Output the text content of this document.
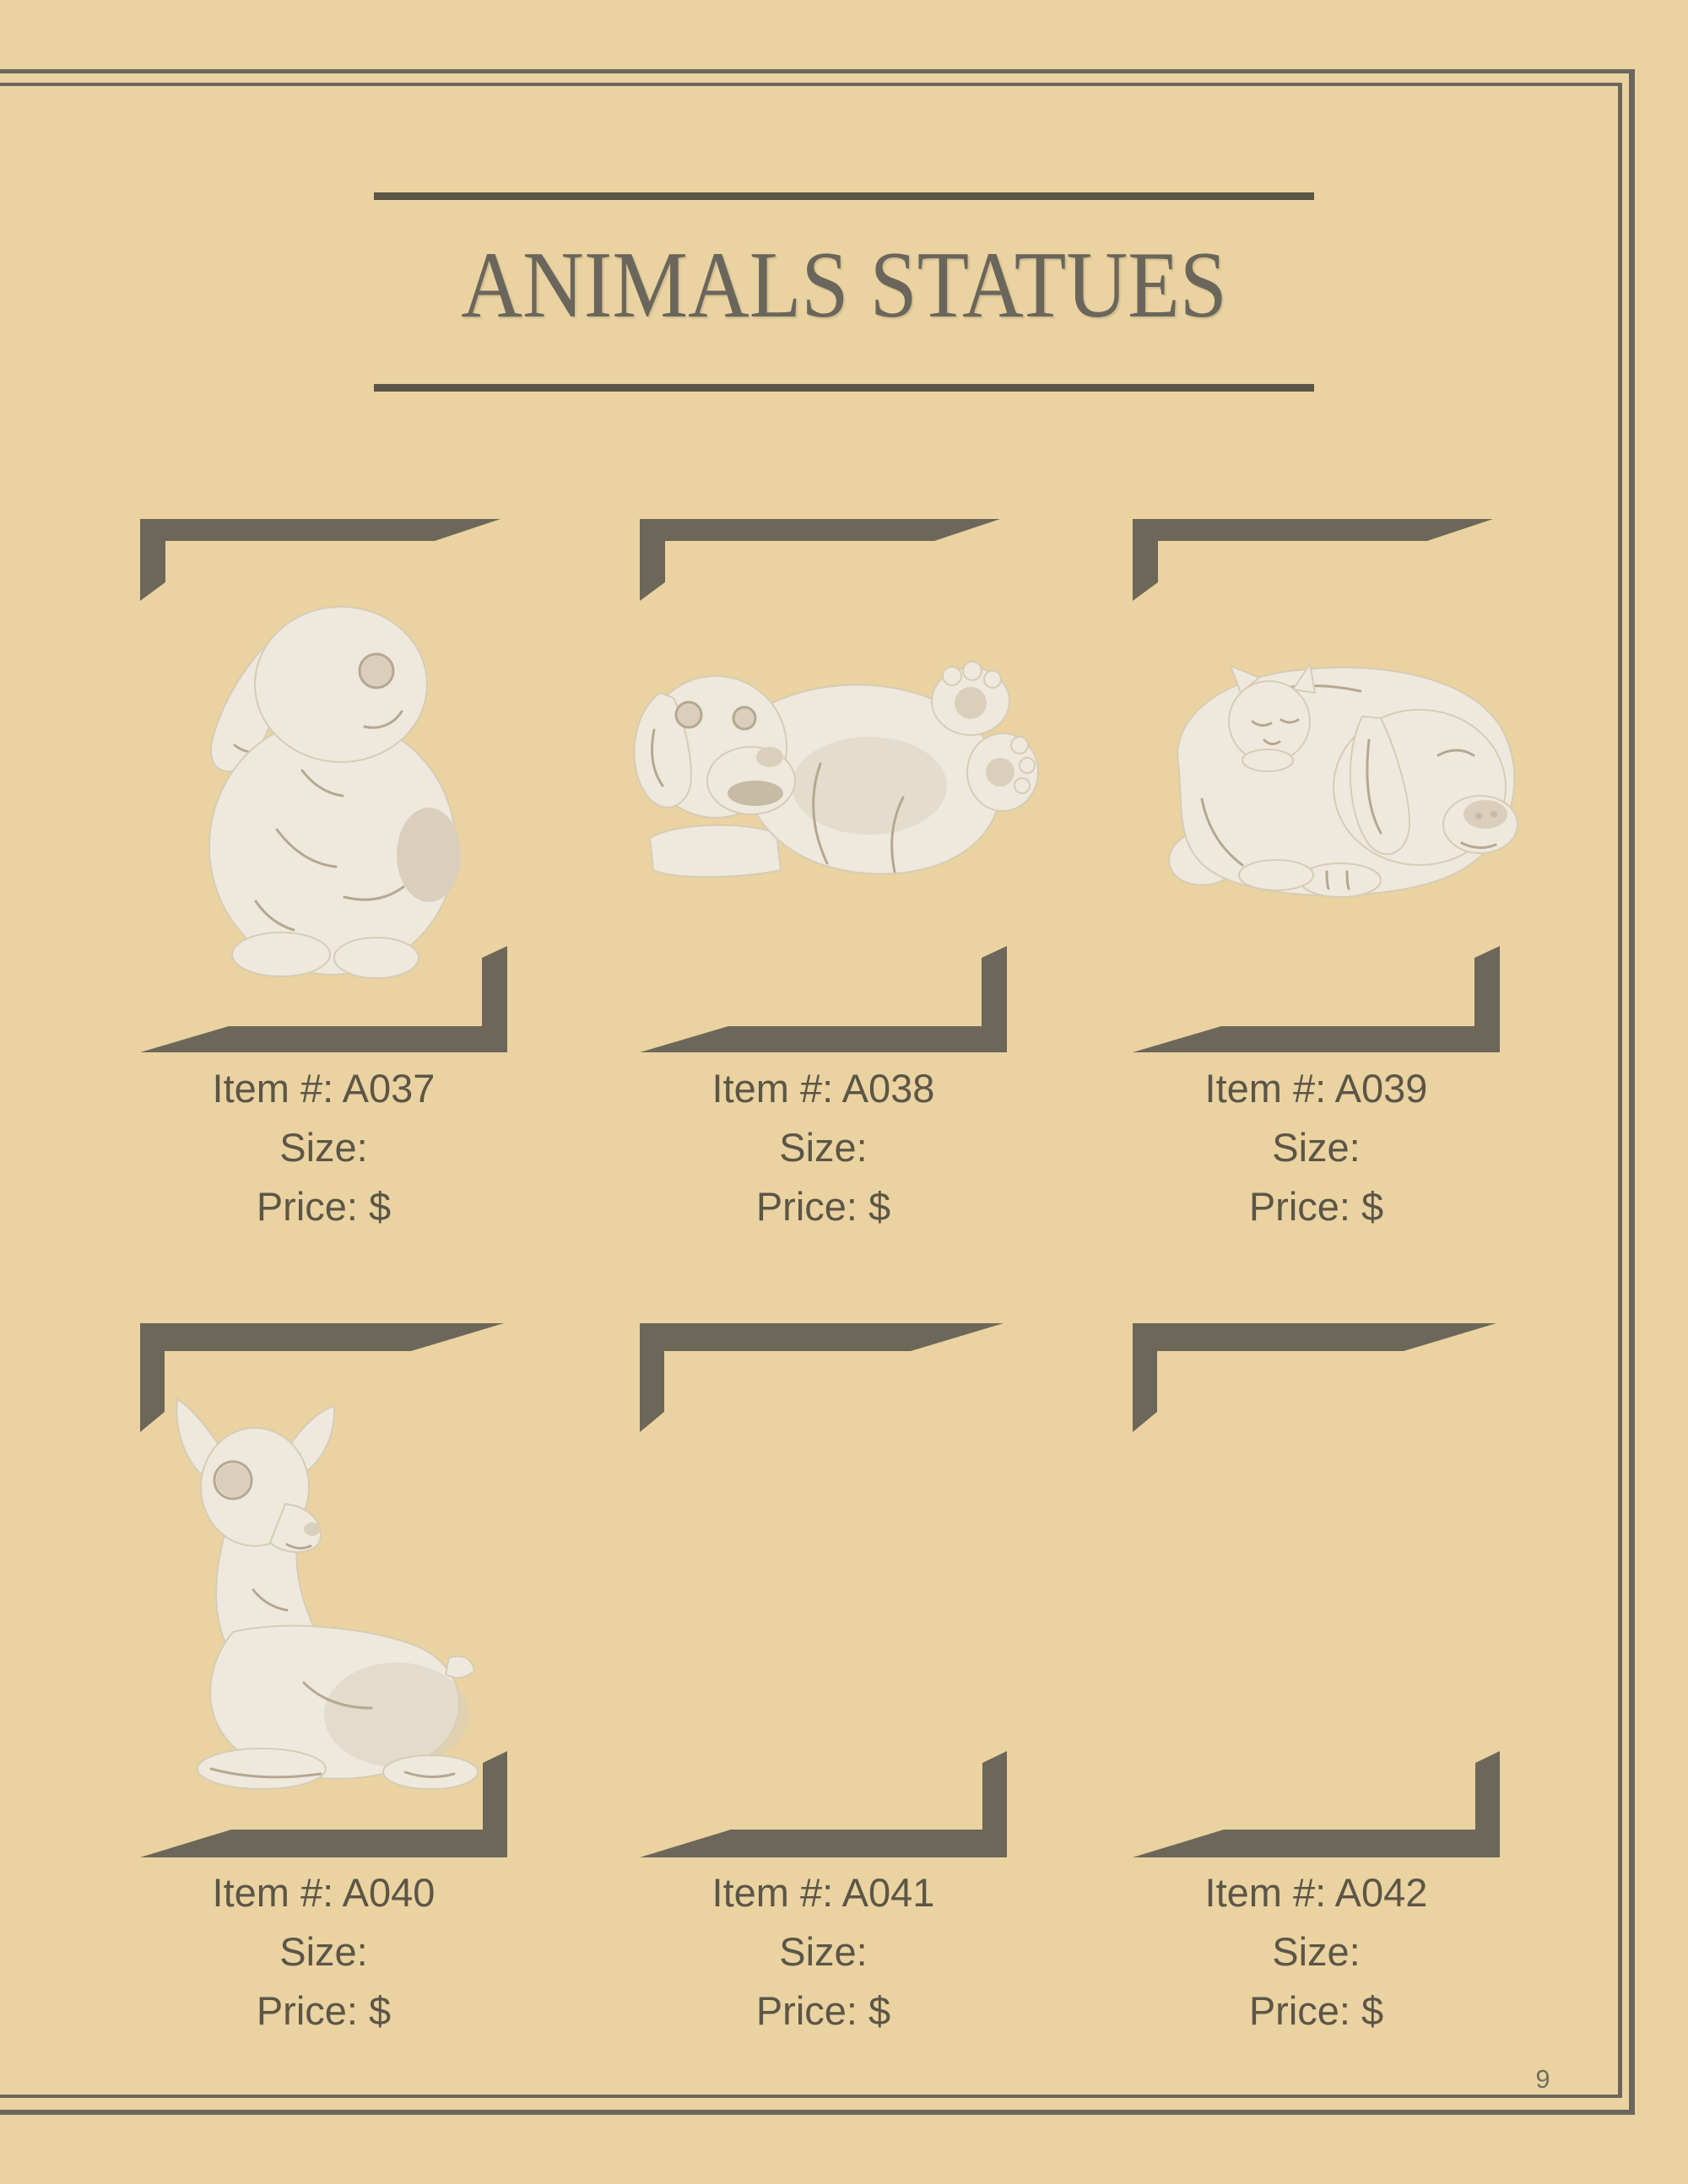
ANIMALS STATUES
Item #: A037
Size:
Price: $
Item #: A038
Size:
Price: $
Item #: A039
Size:
Price: $
Item #: A040
Size:
Price: $
Item #: A041
Size:
Price: $
Item #: A042
Size:
Price: $
9
